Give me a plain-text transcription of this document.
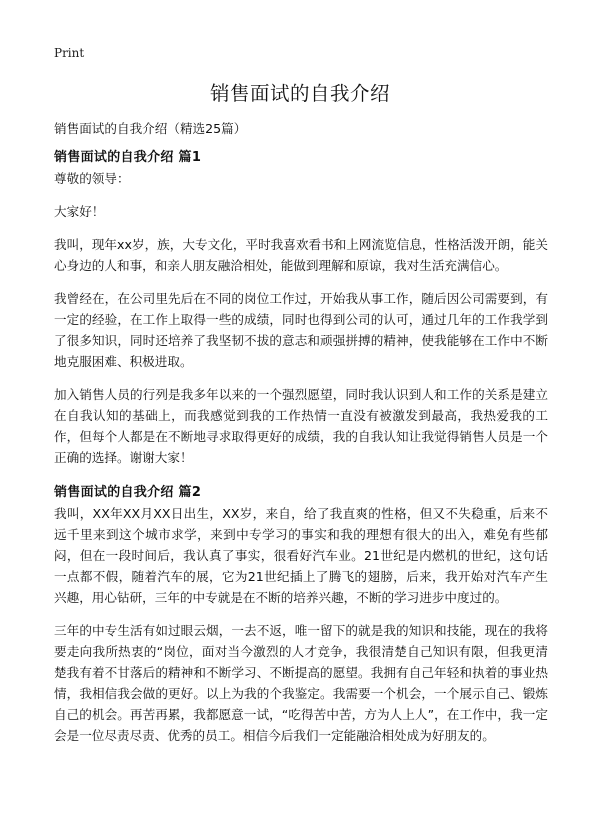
Print
销售面试的自我介绍

销售面试的自我介绍（精选25篇）

销售面试的自我介绍 篇1

尊敬的领导：

大家好！

我叫，现年xx岁，族，大专文化，平时我喜欢看书和上网流览信息，性格活泼开朗，能关心身边的人和事，和亲人朋友融洽相处，能做到理解和原谅，我对生活充满信心。

我曾经在，在公司里先后在不同的岗位工作过，开始我从事工作，随后因公司需要到，有一定的经验，在工作上取得一些的成绩，同时也得到公司的认可，通过几年的工作我学到了很多知识，同时还培养了我坚韧不拔的意志和顽强拼搏的精神，使我能够在工作中不断地克服困难、积极进取。

加入销售人员的行列是我多年以来的一个强烈愿望，同时我认识到人和工作的关系是建立在自我认知的基础上，而我感觉到我的工作热情一直没有被激发到最高，我热爱我的工作，但每个人都是在不断地寻求取得更好的成绩，我的自我认知让我觉得销售人员是一个正确的选择。谢谢大家！

销售面试的自我介绍 篇2

我叫，XX年XX月XX日出生，XX岁，来自，给了我直爽的性格，但又不失稳重，后来不远千里来到这个城市求学，来到中专学习的事实和我的理想有很大的出入，难免有些郁闷，但在一段时间后，我认真了事实，很看好汽车业。21世纪是内燃机的世纪，这句话一点都不假，随着汽车的展，它为21世纪插上了腾飞的翅膀，后来，我开始对汽车产生兴趣，用心钻研，三年的中专就是在不断的培养兴趣，不断的学习进步中度过的。

三年的中专生活有如过眼云烟，一去不返，唯一留下的就是我的知识和技能，现在的我将要走向我所热衷的“岗位，面对当今激烈的人才竞争，我很清楚自己知识有限，但我更清楚我有着不甘落后的精神和不断学习、不断提高的愿望。我拥有自己年轻和执着的事业热情，我相信我会做的更好。以上为我的个我鉴定。我需要一个机会，一个展示自己、锻炼自己的机会。再苦再累，我都愿意一试，“吃得苦中苦，方为人上人”，在工作中，我一定会是一位尽责尽责、优秀的员工。相信今后我们一定能融洽相处成为好朋友的。
